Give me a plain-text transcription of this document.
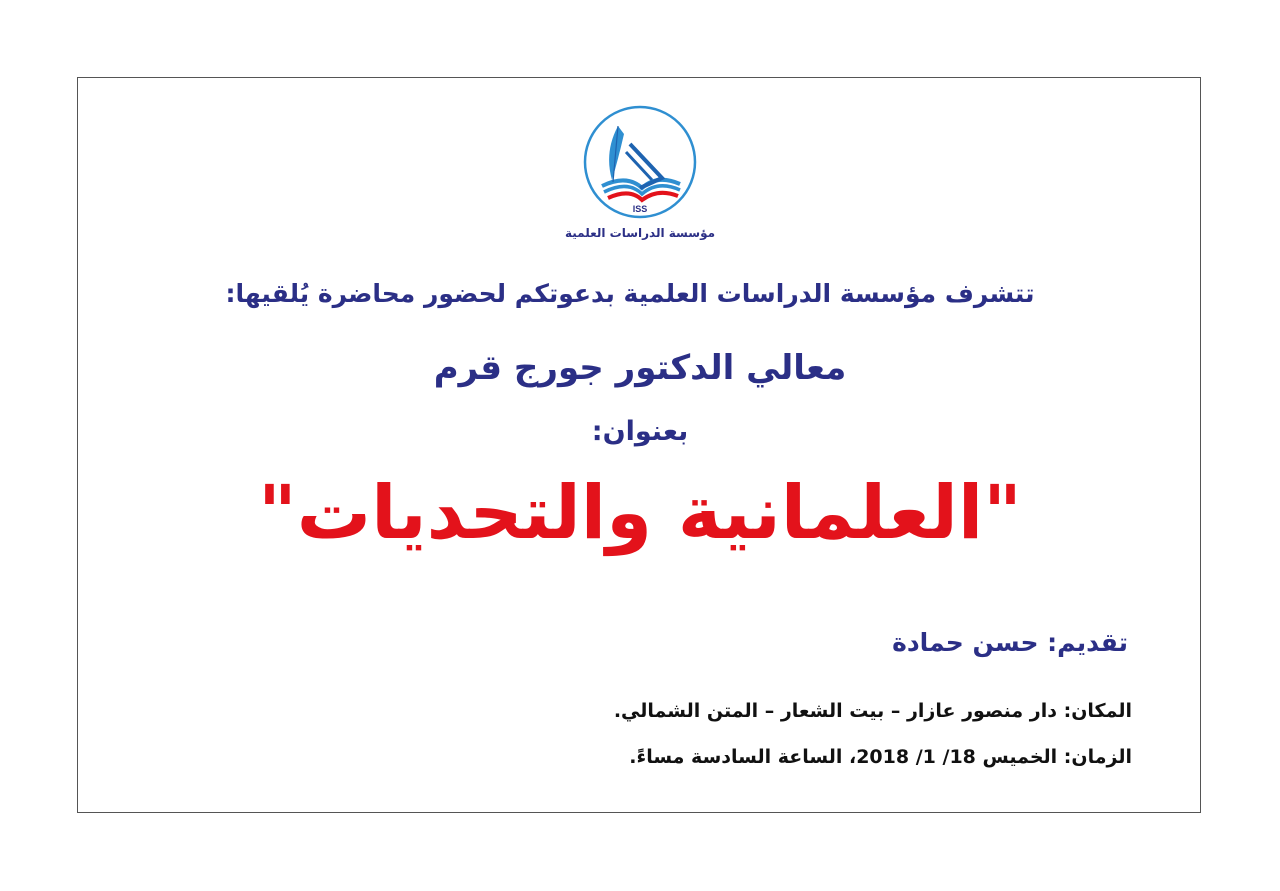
ISS
مؤسسة الدراسات العلمية
تتشرف مؤسسة الدراسات العلمية بدعوتكم لحضور محاضرة يُلقيها:
معالي الدكتور جورج قرم
بعنوان:
"العلمانية والتحديات"
تقديم: حسن حمادة
المكان: دار منصور عازار – بيت الشعار – المتن الشمالي.
الزمان: الخميس 18/ 1/ 2018، الساعة السادسة مساءً.
